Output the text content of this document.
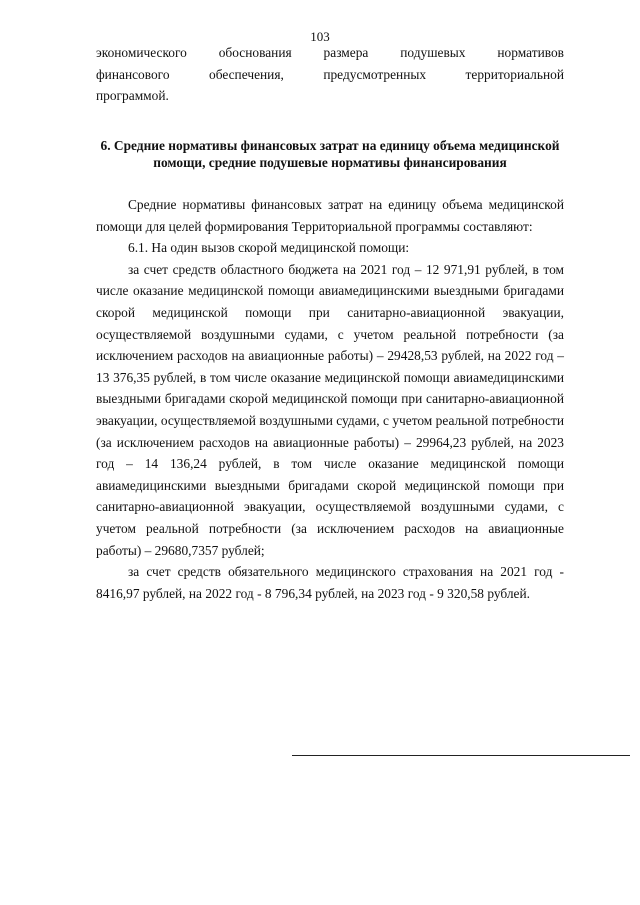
103

экономического обоснования размера подушевых нормативов

финансового обеспечения, предусмотренных территориальной

программой.

6. Средние нормативы финансовых затрат на единицу объема медицинской помощи, средние подушевые нормативы финансирования

Средние нормативы финансовых затрат на единицу объема медицинской помощи для целей формирования Территориальной программы составляют:

6.1. На один вызов скорой медицинской помощи:

за счет средств областного бюджета на 2021 год – 12 971,91 рублей, в том числе оказание медицинской помощи авиамедицинскими выездными бригадами скорой медицинской помощи при санитарно-авиационной эвакуации, осуществляемой воздушными судами, с учетом реальной потребности (за исключением расходов на авиационные работы) – 29428,53 рублей, на 2022 год – 13 376,35 рублей, в том числе оказание медицинской помощи авиамедицинскими выездными бригадами скорой медицинской помощи при санитарно-авиационной эвакуации, осуществляемой воздушными судами, с учетом реальной потребности (за исключением расходов на авиационные работы) – 29964,23 рублей, на 2023 год – 14 136,24 рублей, в том числе оказание медицинской помощи авиамедицинскими выездными бригадами скорой медицинской помощи при санитарно-авиационной эвакуации, осуществляемой воздушными судами, с учетом реальной потребности (за исключением расходов на авиационные работы) – 29680,7357 рублей;

за счет средств обязательного медицинского страхования на 2021 год - 8416,97 рублей, на 2022 год - 8 796,34 рублей, на 2023 год - 9 320,58 рублей.
